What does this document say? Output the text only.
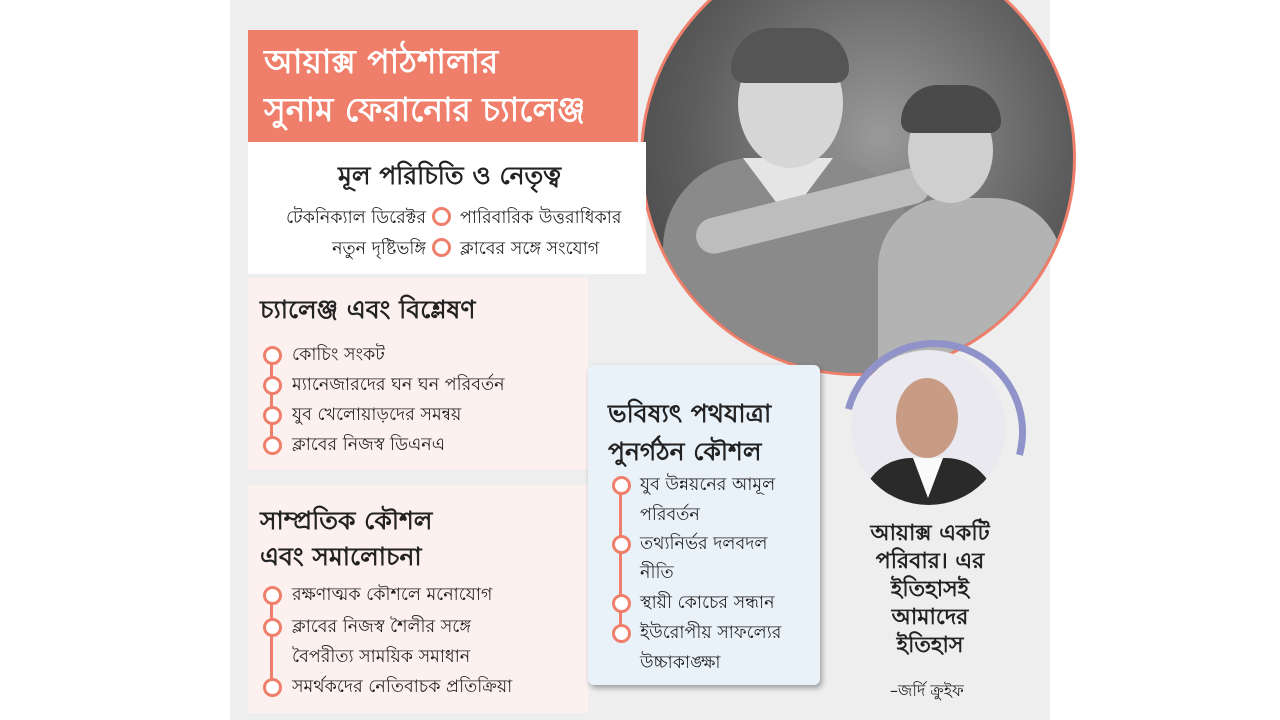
আয়াক্স পাঠশালার
সুনাম ফেরানোর চ্যালেঞ্জ
মূল পরিচিতি ও নেতৃত্ব
টেকনিক্যাল ডিরেক্টর
নতুন দৃষ্টিভঙ্গি
পারিবারিক উত্তরাধিকার
ক্লাবের সঙ্গে সংযোগ
চ্যালেঞ্জ এবং বিশ্লেষণ
কোচিং সংকট
ম্যানেজারদের ঘন ঘন পরিবর্তন
যুব খেলোয়াড়দের সমন্বয়
ক্লাবের নিজস্ব ডিএনএ
সাম্প্রতিক কৌশল
এবং সমালোচনা
রক্ষণাত্মক কৌশলে মনোযোগ
ক্লাবের নিজস্ব শৈলীর সঙ্গে
বৈপরীত্য সাময়িক সমাধান
সমর্থকদের নেতিবাচক প্রতিক্রিয়া
ভবিষ্যৎ পথযাত্রা
পুনর্গঠন কৌশল
যুব উন্নয়নের আমূল
পরিবর্তন
তথ্যনির্ভর দলবদল
নীতি
স্থায়ী কোচের সন্ধান
ইউরোপীয় সাফল্যের
উচ্চাকাঙ্ক্ষা
আয়াক্স একটি
পরিবার। এর
ইতিহাসই
আমাদের
ইতিহাস
–জর্দি ক্রুইফ
